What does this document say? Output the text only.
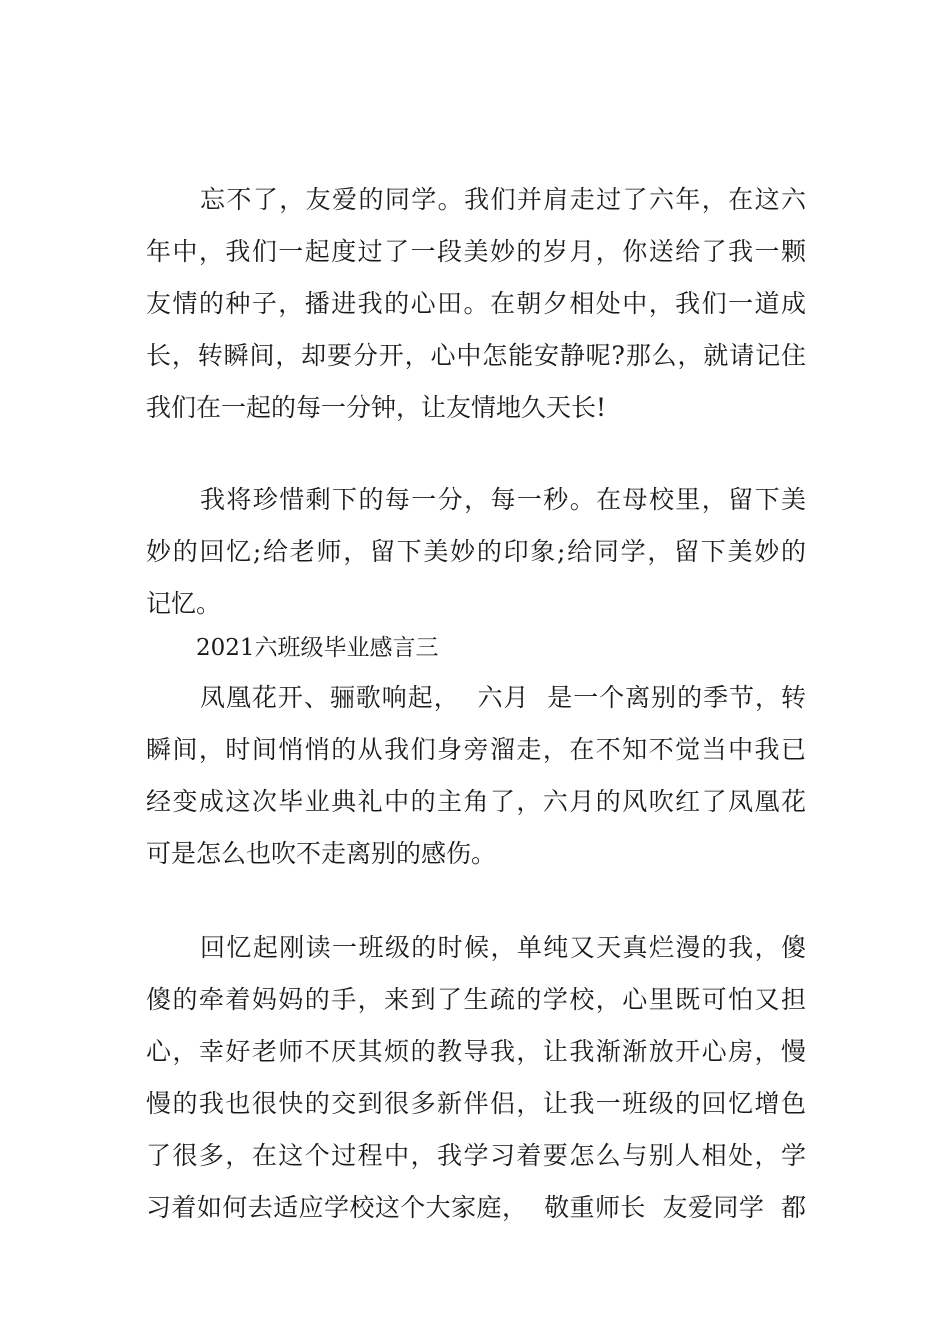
忘不了，友爱的同学。我们并肩走过了六年，在这六
年中，我们一起度过了一段美妙的岁月，你送给了我一颗
友情的种子，播进我的心田。在朝夕相处中，我们一道成
长，转瞬间，却要分开，心中怎能安静呢?那么，就请记住
我们在一起的每一分钟，让友情地久天长!
我将珍惜剩下的每一分，每一秒。在母校里，留下美
妙的回忆;给老师，留下美妙的印象;给同学，留下美妙的
记忆。
2021六班级毕业感言三
凤凰花开、骊歌响起，  六月  是一个离别的季节，转
瞬间，时间悄悄的从我们身旁溜走，在不知不觉当中我已
经变成这次毕业典礼中的主角了，六月的风吹红了凤凰花
可是怎么也吹不走离别的感伤。
回忆起刚读一班级的时候，单纯又天真烂漫的我，傻
傻的牵着妈妈的手，来到了生疏的学校，心里既可怕又担
心，幸好老师不厌其烦的教导我，让我渐渐放开心房，慢
慢的我也很快的交到很多新伴侣，让我一班级的回忆增色
了很多，在这个过程中，我学习着要怎么与别人相处，学
习着如何去适应学校这个大家庭，  敬重师长  友爱同学  都
